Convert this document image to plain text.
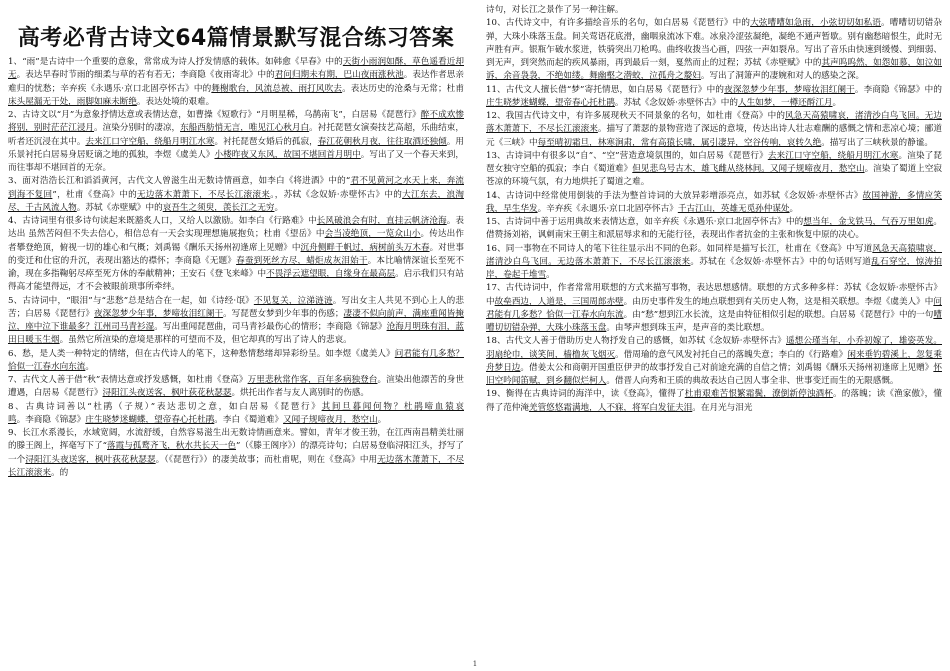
高考必背古诗文64篇情景默写混合练习答案

1、“雨”是古诗中一个重要的意象，常常成为诗人抒发情感的载体。如韩愈《早春》中的天街小雨润如酥，草色遥看近却无。表达早春时节雨的细柔与草的若有若无；李商隐《夜雨寄北》中的君问归期未有期，巴山夜雨涨秋池。表达作者思亲难归的忧愁；辛弃疾《永遇乐·京口北固亭怀古》中的舞榭歌台，风流总被、雨打风吹去。表达历史的沧桑与无常；杜甫床头屋漏无干处，雨脚如麻未断绝。表达处境的艰难。

2、古诗文以“月”为意象抒情达意或表情达意，如曹操《短歌行》“月明星稀，乌鹊南飞”，白居易《琵琶行》醉不成欢惨将别，别时茫茫江浸月。渲染分别时的凄凉，东船西舫悄无言，唯见江心秋月白。衬托琵琶女演奏技艺高超，乐曲结束，听者还沉浸在其中。去来江口守空船，绕船月明江水寒。衬托琵琶女婚后的孤寂，春江花朝秋月夜，往往取酒还独倾。用乐景衬托白居易身居贬谪之地的孤独，李煜《虞美人》小楼昨夜又东风，故国不堪回首月明中。写出了又一个春天来到，而往事却不堪回首的无奈。

3、面对浩浩长江和滔滔黄河，古代文人曾滋生出无数诗情画意，如李白《将进酒》中的“君不见黄河之水天上来，奔流到海不复回”，杜甫《登高》中的无边落木萧萧下，不尽长江滚滚来。，苏轼《念奴娇·赤壁怀古》中的大江东去，浪淘尽，千古风流人物。苏轼《赤壁赋》中的哀吾生之须臾，羡长江之无穷。

4、古诗词里有很多诗句读起来既豁炙人口，又给人以激励。如李白《行路难》中长风破浪会有时，直挂云帆济沧海。表达出 虽然苦闷但不失去信心，相信总有一天会实现理想施展抱负；杜甫《望岳》中会当凌绝顶，一览众山小。传达出作者攀登绝顶，俯视一切的雄心和气概；刘禹锡《酬乐天扬州初逢席上见赠》中沉舟侧畔千帆过，病树前头万木春。对世事的变迁和仕宦的升沉，表现出豁达的襟怀；李商隐《无题》春蚕到死丝方尽，蜡炬成灰泪始干。本比喻情深谊长至死不渝，现在多指鞠躬尽瘁至死方休的奉献精神；王安石《登飞来峰》中不畏浮云遮望眼，自缘身在最高层。启示我们只有站得高才能望得远，才不会被眼前琐事所牵绊。

5、古诗词中，“眼泪”与“悲愁”总是结合在一起，如《诗经·氓》不见复关，泣涕涟涟。写出女主人共见不到心上人的悲苦；白居易《琵琶行》夜深忽梦少年事，梦啼妆泪红阑干。写琵琶女梦到少年事的伤感；凄凄不似向前声，满座重闻皆掩泣，座中泣下谁最多？江州司马青衫湿。写出重闻琵琶曲，司马青衫最伤心的情形；李商隐《锦瑟》沧海月明珠有泪，蓝田日暖玉生烟。虽然它所渲染的意境是那样的可望而不及，但它却真的写出了诗人的悲哀。

6、愁，是人类一种特定的情绪，但在古代诗人的笔下，这种愁情愁绪却异彩纷呈。如李煜《虞美人》问君能有几多愁？恰似一江春水向东流。

7、古代文人善于借“秋”表情达意或抒发感慨，如杜甫《登高》万里悲秋常作客，百年多病独登台。渲染出他漂苦的身世遭遇，白居易《琵琶行》浔阳江头夜送客，枫叶荻花秋瑟瑟。烘托出作者与友人离别时的伤感。

8、古典诗词善以“杜鹃（子规）”表达悲切之意，如白居易《琵琶行》其间旦暮闻何物？杜鹃啼血猿哀鸣。李商隐《锦瑟》庄生晓梦迷蝴蝶，望帝春心托杜鹃。李白《蜀道难》又闻子规啼夜月，愁空山。

9、长江水系漫长，水域宽阔，水流舒缓，自然容易滋生出无数诗情画意来。譬如，青年才俊王勃，在江西南昌精美壮丽的滕王阁上，挥毫写下了“落霞与孤鹜齐飞，秋水共长天一色”（《滕王阁序》）的漂亮诗句；白居易登临浔阳江头，抒写了一个浔阳江头夜送客，枫叶荻花秋瑟瑟。（《琵琶行》）的凄美故事；而杜甫呢，则在《登高》中用无边落木萧萧下，不尽长江滚滚来。的

诗句，对长江之景作了另一种注解。

10、古代诗文中，有许多描绘音乐的名句，如白居易《琵琶行》中的大弦嘈嘈如急雨，小弦切切如私语。嘈嘈切切错杂弹，大珠小珠落玉盘。间关莺语花底滑，幽咽泉流冰下难。冰泉冷涩弦凝绝，凝绝不通声暂歇。别有幽愁暗恨生，此时无声胜有声。银瓶乍破水浆迸，铁骑突出刀枪鸣。曲终收拨当心画，四弦一声如裂帛。写出了音乐由快速到缓慢、到细弱、到无声，到突然而起的疾风暴雨，再到最后一刻，戛然而止的过程；苏轼《赤壁赋》中的其声呜呜然，如怨如慕，如泣如诉，余音袅袅，不绝如缕。舞幽壑之潜蛟，泣孤舟之嫠妇。写出了洞箫声的凄婉和对人的感染之深。

11、古代文人擅长借“梦”寄托情思，如白居易《琵琶行》中的夜深忽梦少年事，梦啼妆泪红阑干。李商隐《锦瑟》中的庄生晓梦迷蝴蝶，望帝春心托杜鹃。苏轼《念奴娇·赤壁怀古》中的人生如梦，一樽还酹江月。

12、我国古代诗文中，有许多展现秋天不同景象的名句，如杜甫《登高》中的风急天高猿啸哀，渚清沙白鸟飞回。无边落木萧萧下，不尽长江滚滚来。描写了萧瑟的景物营造了深远的意境，传达出诗人壮志难酬的感慨之情和悲凉心境；郦道元《三峡》中每至晴初霜旦，林寒涧肃，常有高猿长啸，属引凄异，空谷传响，哀转久绝。描写出了三峡秋景的静谧。

13、古诗词中有很多以“自”、“空”营造意境氛围的，如白居易《琵琶行》去来江口守空船，绕船月明江水寒。渲染了琵琶女独守空船的孤寂；李白《蜀道难》但见悲鸟号古木，雄飞雌从绕林间。又闻子规啼夜月，愁空山。渲染了蜀道上空寂苍凉的环境气氛，有力地烘托了蜀道之难。

14、古诗词中经常使用倒装的手法为整首诗词的大放异彩增添亮点，如苏轼《念奴娇·赤壁怀古》故国神游，多情应笑我，早生华发。辛弃疾《永遇乐·京口北固亭怀古》千古江山，英雄无觅孙仲谋处。

15、古诗词中善于运用典故来表情达意，如辛弃疾《永遇乐·京口北固亭怀古》中的想当年，金戈铁马，气吞万里如虎。借赞扬刘裕，讽刺南宋王朝主和派屈辱求和的无能行径，表现出作者抗金的主张和恢复中原的决心。

16、同一事物在不同诗人的笔下往往显示出不同的色彩。如同样是描写长江，杜甫在《登高》中写道风急天高猿啸哀，渚清沙白鸟飞回。无边落木萧萧下，不尽长江滚滚来。苏轼在《念奴娇·赤壁怀古》中的句话则写道乱石穿空，惊涛拍岸，卷起千堆雪。

17、古代诗词中，作者常常用联想的方式来描写事物，表达思想感情。联想的方式多种多样：苏轼《念奴娇·赤壁怀古》中故垒西边，人道是，三国周郎赤壁。由历史事件发生的地点联想到有关历史人物，这是相关联想。李煜《虞美人》中问君能有几多愁？恰似一江春水向东流。由“愁”想到江水长流，这是由特征相似引起的联想。白居易《琵琶行》中的一句嘈嘈切切错杂弹，大珠小珠落玉盘。由琴声想到珠玉声，是声音的类比联想。

18、古代文人善于借助历史人物抒发自己的感慨，如苏轼《念奴娇·赤壁怀古》遥想公瑾当年，小乔初嫁了，雄姿英发。羽扇纶巾，谈笑间，樯橹灰飞烟灭。借周瑜的意气风发衬托自己的落魄失意；李白的《行路难》闲来垂钓碧溪上，忽复乘舟梦日边。借姜太公和商朝开国重臣伊尹的故事抒发自己对前途充满的自信之情；刘禹锡《酬乐天扬州初逢席上见赠》怀旧空吟闻笛赋，到乡翻似烂柯人。借晋人向秀和王质的典故表达自己因人事全非、世事变迁而生的无限感慨。

19、衡得在古典诗词的海洋中，读《登高》，懂得了杜甫艰难苦恨繁霜鬓，潦倒新停浊酒杯。的落魄；读《渔家傲》，懂得了范仲淹羌管悠悠霜满地，人不寐，将军白发征夫泪。在月光与泪光

1
